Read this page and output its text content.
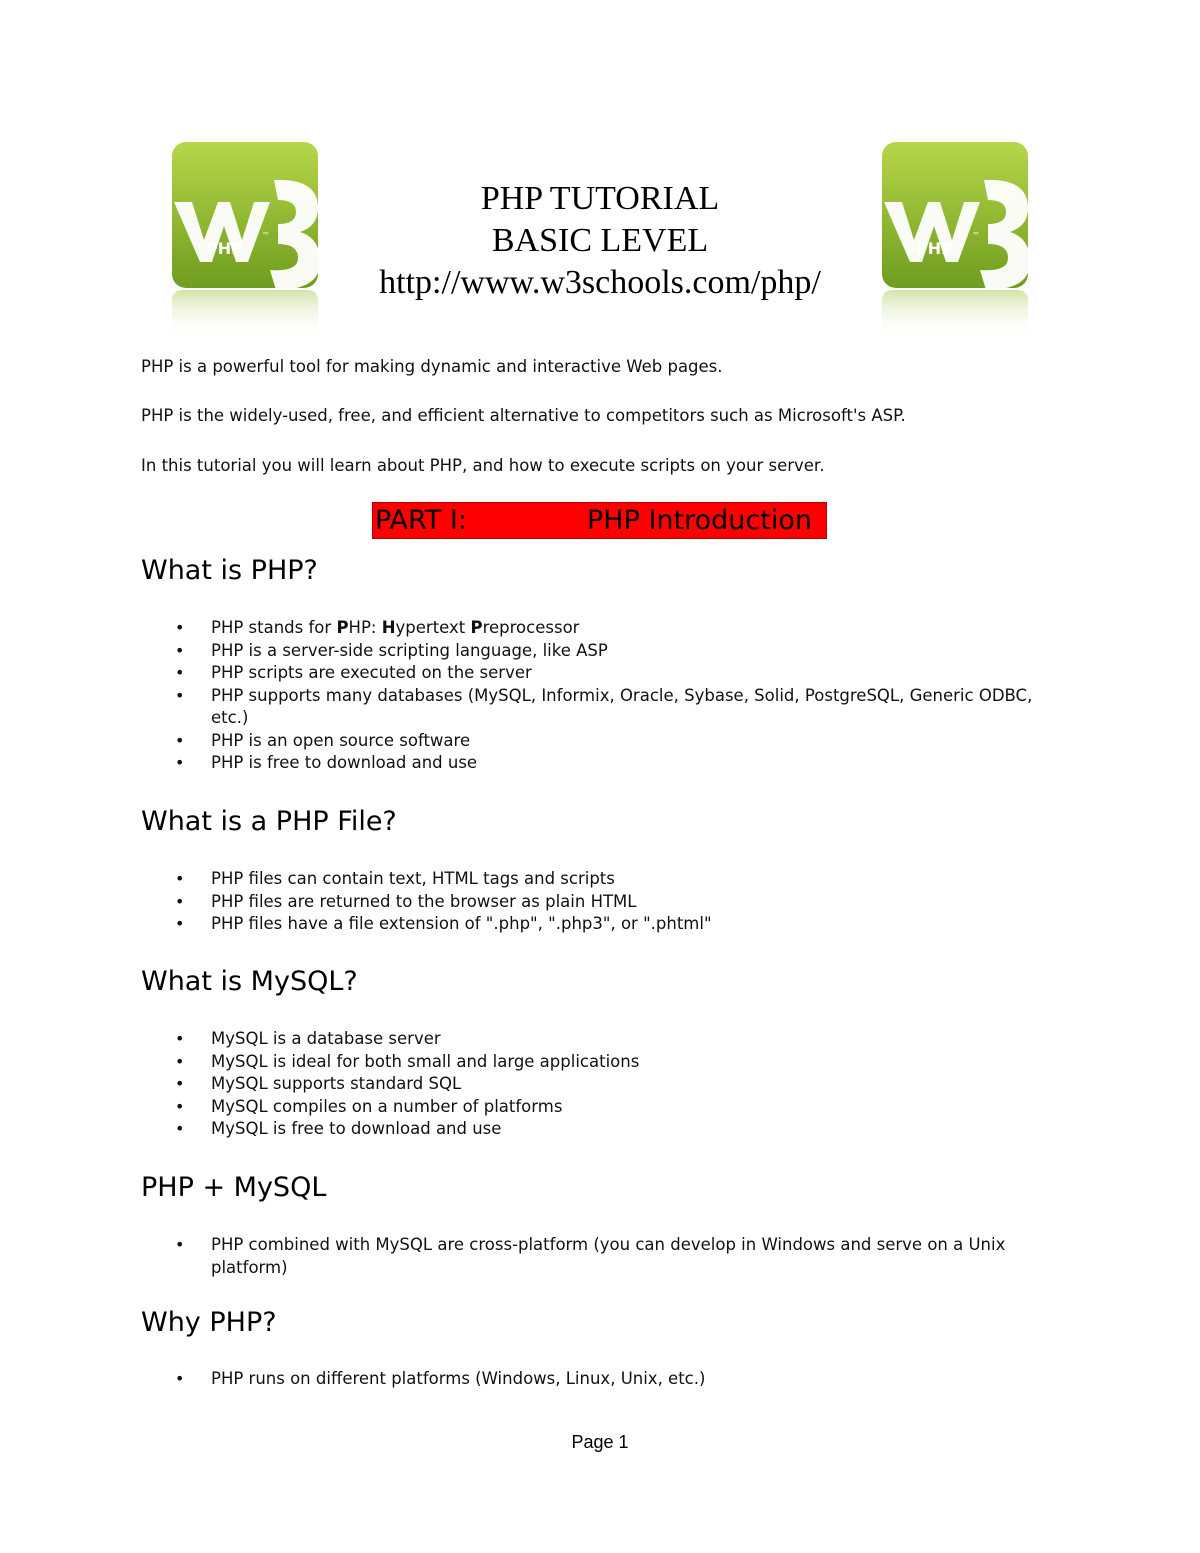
PHP
™
PHP TUTORIAL
BASIC LEVEL
http://www.w3schools.com/php/
PHP
™
PHP is a powerful tool for making dynamic and interactive Web pages.
PHP is the widely-used, free, and efficient alternative to competitors such as Microsoft's ASP.
In this tutorial you will learn about PHP, and how to execute scripts on your server.
PART I:	PHP Introduction
What is PHP?
• PHP stands for PHP: Hypertext Preprocessor
• PHP is a server-side scripting language, like ASP
• PHP scripts are executed on the server
• PHP supports many databases (MySQL, Informix, Oracle, Sybase, Solid, PostgreSQL, Generic ODBC, etc.)
• PHP is an open source software
• PHP is free to download and use
What is a PHP File?
• PHP files can contain text, HTML tags and scripts
• PHP files are returned to the browser as plain HTML
• PHP files have a file extension of ".php", ".php3", or ".phtml"
What is MySQL?
• MySQL is a database server
• MySQL is ideal for both small and large applications
• MySQL supports standard SQL
• MySQL compiles on a number of platforms
• MySQL is free to download and use
PHP + MySQL
• PHP combined with MySQL are cross-platform (you can develop in Windows and serve on a Unix platform)
Why PHP?
• PHP runs on different platforms (Windows, Linux, Unix, etc.)
Page 1
